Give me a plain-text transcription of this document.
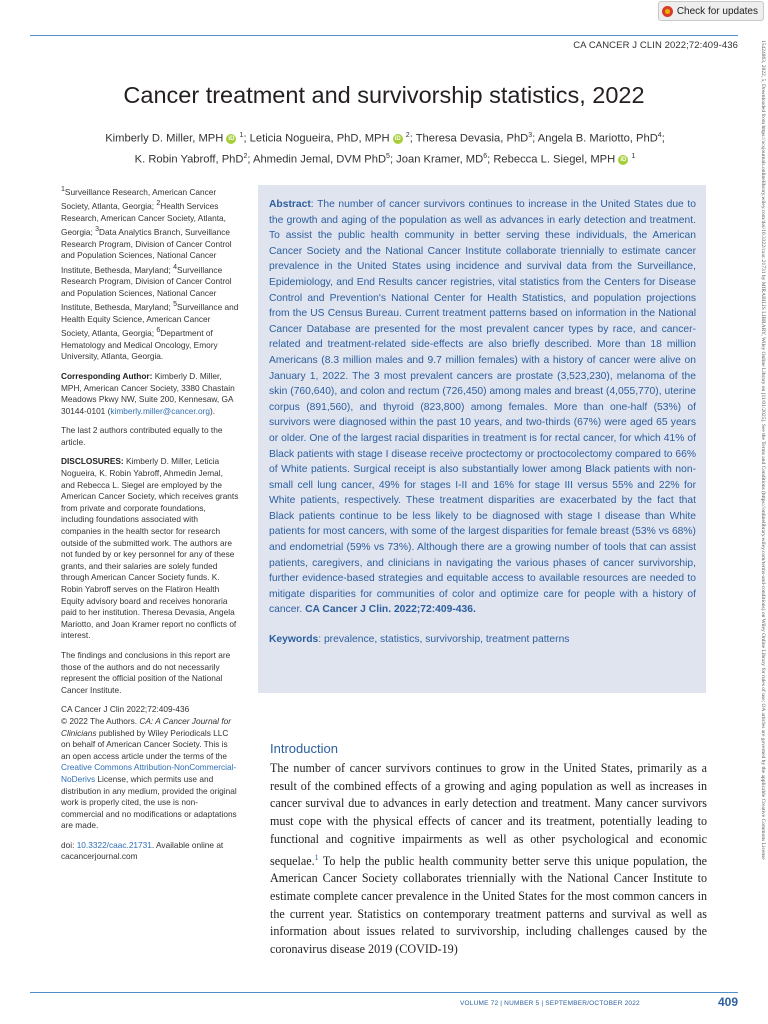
Check for updates
CA CANCER J CLIN 2022;72:409-436	15424863, 2022, 5, Downloaded from https://acsjournals.onlinelibrary.wiley.com/doi/10.3322/caac.21731 by MIRABILIS LIBRARY, Wiley Online Library on [11/01/2025]. See the Terms and Conditions (https://onlinelibrary.wiley.com/terms-and-conditions) on Wiley Online Library for rules of use; OA articles are governed by the applicable Creative Commons License
Cancer treatment and survivorship statistics, 2022
Kimberly D. Miller, MPH iD $^1$; Leticia Nogueira, PhD, MPH iD $^2$; Theresa Devasia, PhD$^3$; Angela B. Mariotto, PhD$^4$;
K. Robin Yabroff, PhD$^2$; Ahmedin Jemal, DVM PhD$^5$; Joan Kramer, $MD^6$; Rebecca L. Siegel, MPH iD $^1$

$^1$Surveillance Research, American Cancer Society, Atlanta, Georgia; $^2$Health Services Research, American Cancer Society, Atlanta, Georgia; $^3$Data Analytics Branch, Surveillance Research Program, Division of Cancer Control and Population Sciences, National Cancer Institute, Bethesda, Maryland; $^4$Surveillance Research Program, Division of Cancer Control and Population Sciences, National Cancer Institute, Bethesda, Maryland; $^5$Surveillance and Health Equity Science, American Cancer Society, Atlanta, Georgia; $^6$Department of Hematology and Medical Oncology, Emory University, Atlanta, Georgia.

Corresponding Author: Kimberly D. Miller, MPH, American Cancer Society, 3380 Chastain Meadows Pkwy NW, Suite 200, Kennesaw, GA 30144-0101 (kimberly.miller@cancer.org).

The last 2 authors contributed equally to the article.

DISCLOSURES: Kimberly D. Miller, Leticia Nogueira, K. Robin Yabroff, Ahmedin Jemal, and Rebecca L. Siegel are employed by the American Cancer Society, which receives grants from private and corporate foundations, including foundations associated with companies in the health sector for research outside of the submitted work. The authors are not funded by or key personnel for any of these grants, and their salaries are solely funded through American Cancer Society funds. K. Robin Yabroff serves on the Flatiron Health Equity advisory board and receives honoraria paid to her institution. Theresa Devasia, Angela Mariotto, and Joan Kramer report no conflicts of interest.

The findings and conclusions in this report are those of the authors and do not necessarily represent the official position of the National Cancer Institute.

CA Cancer J Clin 2022;72:409-436
© 2022 The Authors. CA: A Cancer Journal for Clinicians published by Wiley Periodicals LLC on behalf of American Cancer Society. This is an open access article under the terms of the Creative Commons Attribution-NonCommercial-NoDerivs License, which permits use and distribution in any medium, provided the original work is properly cited, the use is non-commercial and no modifications or adaptations are made.

doi: 10.3322/caac.21731. Available online at cacancerjournal.com

Abstract: The number of cancer survivors continues to increase in the United States due to the growth and aging of the population as well as advances in early detection and treatment. To assist the public health community in better serving these individuals, the American Cancer Society and the National Cancer Institute collaborate triennially to estimate cancer prevalence in the United States using incidence and survival data from the Surveillance, Epidemiology, and End Results cancer registries, vital statistics from the Centers for Disease Control and Prevention's National Center for Health Statistics, and population projections from the US Census Bureau. Current treatment patterns based on information in the National Cancer Database are presented for the most prevalent cancer types by race, and cancer-related and treatment-related side-effects are also briefly described. More than 18 million Americans (8.3 million males and 9.7 million females) with a history of cancer were alive on January 1, 2022. The 3 most prevalent cancers are prostate (3,523,230), melanoma of the skin (760,640), and colon and rectum (726,450) among males and breast (4,055,770), uterine corpus (891,560), and thyroid (823,800) among females. More than one-half (53%) of survivors were diagnosed within the past 10 years, and two-thirds (67%) were aged 65 years or older. One of the largest racial disparities in treatment is for rectal cancer, for which 41% of Black patients with stage I disease receive proctectomy or proctocolectomy compared to 66% of White patients. Surgical receipt is also substantially lower among Black patients with non-small cell lung cancer, 49% for stages I-II and 16% for stage III versus 55% and 22% for White patients, respectively. These treatment disparities are exacerbated by the fact that Black patients continue to be less likely to be diagnosed with stage I disease than White patients for most cancers, with some of the largest disparities for female breast (53% vs 68%) and endometrial (59% vs 73%). Although there are a growing number of tools that can assist patients, caregivers, and clinicians in navigating the various phases of cancer survivorship, further evidence-based strategies and equitable access to available resources are needed to mitigate disparities for communities of color and optimize care for people with a history of cancer. CA Cancer J Clin. 2022;72:409-436.

Keywords: prevalence, statistics, survivorship, treatment patterns
Introduction

The number of cancer survivors continues to grow in the United States, primarily as a result of the combined effects of a growing and aging population as well as increases in cancer survival due to advances in early detection and treatment. Many cancer survivors must cope with the physical effects of cancer and its treatment, potentially leading to functional and cognitive impairments as well as other psychological and economic sequelae.$^1$ To help the public health community better serve this unique population, the American Cancer Society collaborates triennially with the National Cancer Institute to estimate complete cancer prevalence in the United States for the most common cancers in the current year. Statistics on contemporary treatment patterns and survival as well as information about issues related to survivorship, including challenges caused by the coronavirus disease 2019 (COVID-19)

VOLUME 72 | NUMBER 5 | SEPTEMBER/OCTOBER 2022	409
